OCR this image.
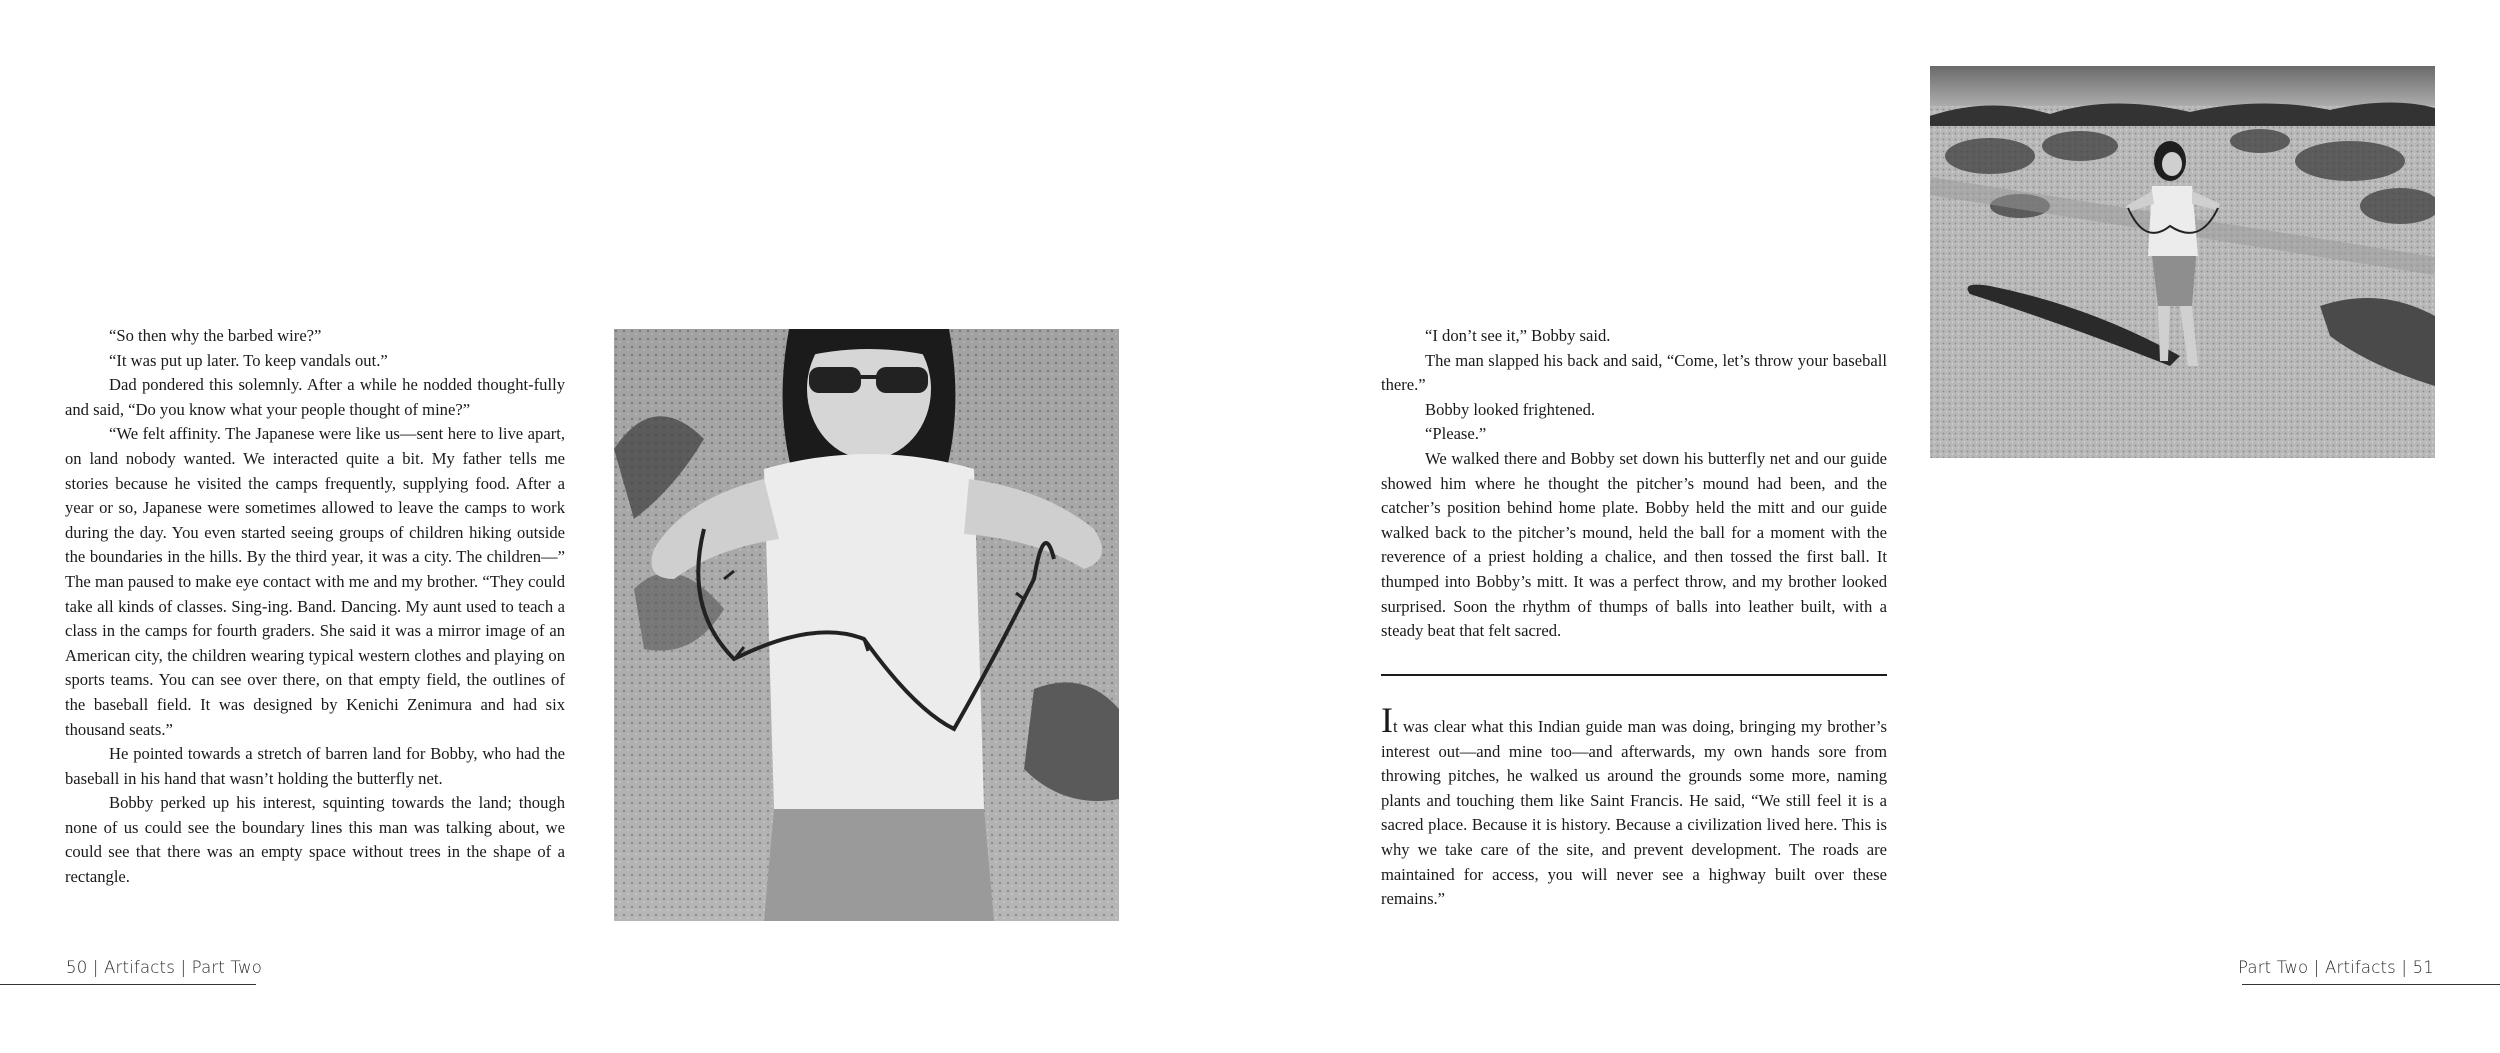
“So then why the barbed wire?”

“It was put up later. To keep vandals out.”

Dad pondered this solemnly. After a while he nodded thought-fully and said, “Do you know what your people thought of mine?”

“We felt affinity. The Japanese were like us—sent here to live apart, on land nobody wanted. We interacted quite a bit. My father tells me stories because he visited the camps frequently, supplying food. After a year or so, Japanese were sometimes allowed to leave the camps to work during the day. You even started seeing groups of children hiking outside the boundaries in the hills. By the third year, it was a city. The children—” The man paused to make eye contact with me and my brother. “They could take all kinds of classes. Sing-ing. Band. Dancing. My aunt used to teach a class in the camps for fourth graders. She said it was a mirror image of an American city, the children wearing typical western clothes and playing on sports teams. You can see over there, on that empty field, the outlines of the baseball field. It was designed by Kenichi Zenimura and had six thousand seats.”

He pointed towards a stretch of barren land for Bobby, who had the baseball in his hand that wasn’t holding the butterfly net.

Bobby perked up his interest, squinting towards the land; though none of us could see the boundary lines this man was talking about, we could see that there was an empty space without trees in the shape of a rectangle.

50 | Artifacts | Part Two

“I don’t see it,” Bobby said.

The man slapped his back and said, “Come, let’s throw your baseball there.”

Bobby looked frightened.

“Please.”

We walked there and Bobby set down his butterfly net and our guide showed him where he thought the pitcher’s mound had been, and the catcher’s position behind home plate. Bobby held the mitt and our guide walked back to the pitcher’s mound, held the ball for a moment with the reverence of a priest holding a chalice, and then tossed the first ball. It thumped into Bobby’s mitt. It was a perfect throw, and my brother looked surprised. Soon the rhythm of thumps of balls into leather built, with a steady beat that felt sacred.

It was clear what this Indian guide man was doing, bringing my brother’s interest out—and mine too—and afterwards, my own hands sore from throwing pitches, he walked us around the grounds some more, naming plants and touching them like Saint Francis. He said, “We still feel it is a sacred place. Because it is history. Because a civilization lived here. This is why we take care of the site, and prevent development. The roads are maintained for access, you will never see a highway built over these remains.”

Part Two | Artifacts | 51
